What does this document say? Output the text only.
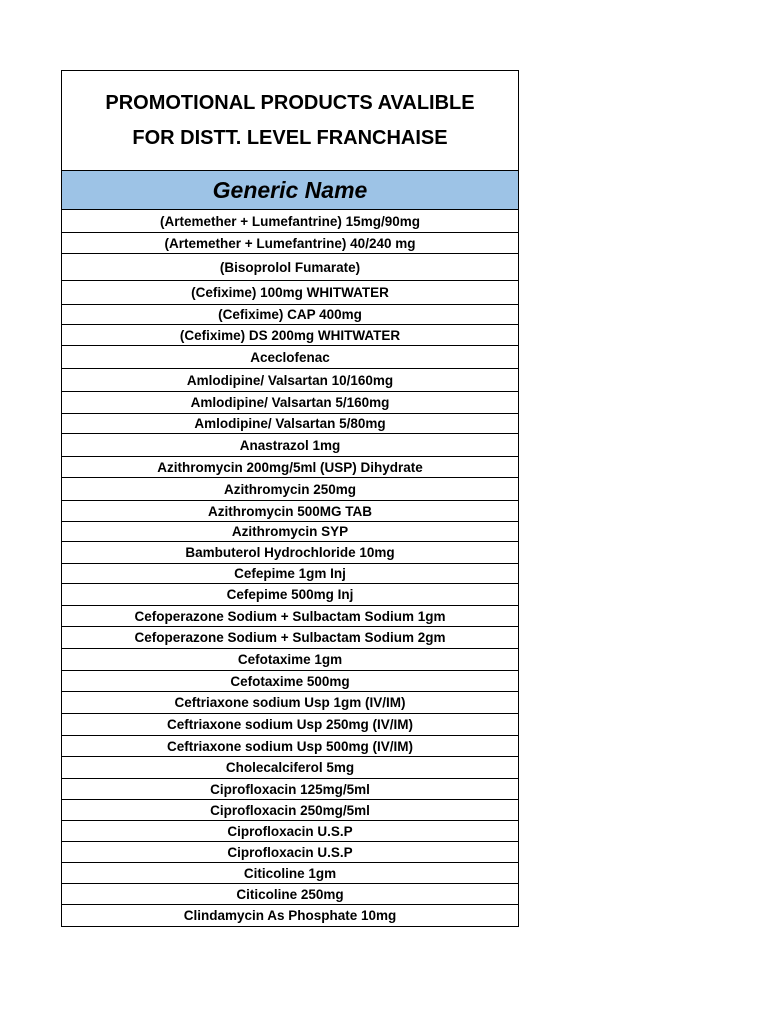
PROMOTIONAL PRODUCTS AVALIBLE
FOR DISTT. LEVEL FRANCHAISE
Generic Name
(Artemether + Lumefantrine) 15mg/90mg
(Artemether + Lumefantrine) 40/240 mg
(Bisoprolol Fumarate)
(Cefixime) 100mg WHITWATER
(Cefixime) CAP 400mg
(Cefixime) DS 200mg WHITWATER
Aceclofenac
Amlodipine/ Valsartan 10/160mg
Amlodipine/ Valsartan 5/160mg
Amlodipine/ Valsartan 5/80mg
Anastrazol 1mg
Azithromycin 200mg/5ml (USP) Dihydrate
Azithromycin 250mg
Azithromycin 500MG TAB
Azithromycin SYP
Bambuterol Hydrochloride 10mg
Cefepime 1gm Inj
Cefepime 500mg Inj
Cefoperazone Sodium + Sulbactam Sodium 1gm
Cefoperazone Sodium + Sulbactam Sodium 2gm
Cefotaxime 1gm
Cefotaxime 500mg
Ceftriaxone sodium Usp 1gm (IV/IM)
Ceftriaxone sodium Usp 250mg (IV/IM)
Ceftriaxone sodium Usp 500mg (IV/IM)
Cholecalciferol 5mg
Ciprofloxacin 125mg/5ml
Ciprofloxacin 250mg/5ml
Ciprofloxacin U.S.P
Ciprofloxacin U.S.P
Citicoline 1gm
Citicoline 250mg
Clindamycin As Phosphate 10mg
